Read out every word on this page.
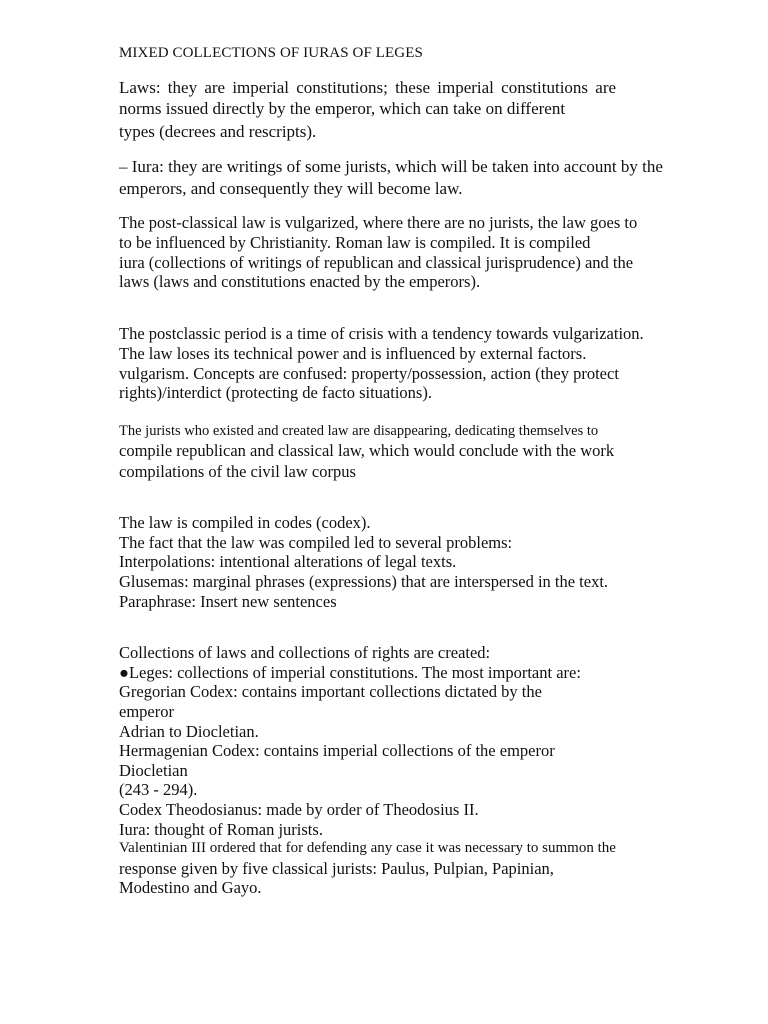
MIXED COLLECTIONS OF IURAS OF LEGES
Laws: they are imperial constitutions; these imperial constitutions are
norms issued directly by the emperor, which can take on different
types (decrees and rescripts).
– Iura: they are writings of some jurists, which will be taken into account by the
emperors, and consequently they will become law.
The post-classical law is vulgarized, where there are no jurists, the law goes to
to be influenced by Christianity. Roman law is compiled. It is compiled
iura (collections of writings of republican and classical jurisprudence) and the
laws (laws and constitutions enacted by the emperors).
The postclassic period is a time of crisis with a tendency towards vulgarization.
The law loses its technical power and is influenced by external factors.
vulgarism. Concepts are confused: property/possession, action (they protect
rights)/interdict (protecting de facto situations).
The jurists who existed and created law are disappearing, dedicating themselves to
compile republican and classical law, which would conclude with the work
compilations of the civil law corpus
The law is compiled in codes (codex).
The fact that the law was compiled led to several problems:
Interpolations: intentional alterations of legal texts.
Glusemas: marginal phrases (expressions) that are interspersed in the text.
Paraphrase: Insert new sentences
Collections of laws and collections of rights are created:
●Leges: collections of imperial constitutions. The most important are:
Gregorian Codex: contains important collections dictated by the
emperor
Adrian to Diocletian.
Hermagenian Codex: contains imperial collections of the emperor
Diocletian
(243 - 294).
Codex Theodosianus: made by order of Theodosius II.
Iura: thought of Roman jurists.
Valentinian III ordered that for defending any case it was necessary to summon the
response given by five classical jurists: Paulus, Pulpian, Papinian,
Modestino and Gayo.
